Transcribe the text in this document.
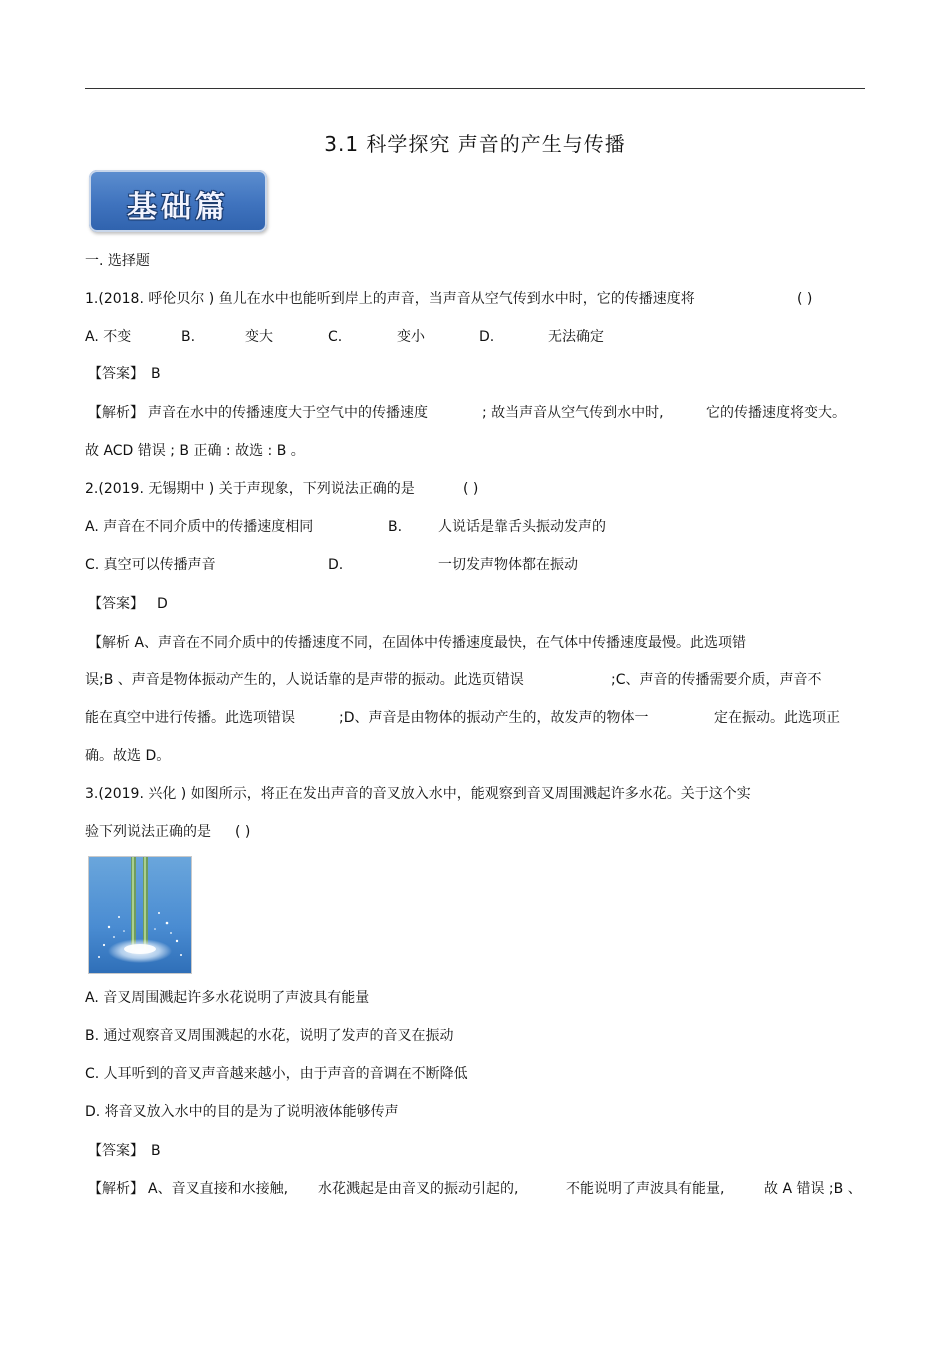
3.1 科学探究 声音的产生与传播
基础篇
一. 选择题
1.(2018. 呼伦贝尔 ) 鱼儿在水中也能听到岸上的声音，当声音从空气传到水中时，它的传播速度将	( )
A. 不变	B.	变大	C.	变小	D.	无法确定
【答案】 B
【解析】 声音在水中的传播速度大于空气中的传播速度	; 故当声音从空气传到水中时,	它的传播速度将变大。
故 ACD 错误 ; B 正确 : 故选 : B 。
2.(2019. 无锡期中 ) 关于声现象，下列说法正确的是	( )
A. 声音在不同介质中的传播速度相同	B.	人说话是靠舌头振动发声的
C. 真空可以传播声音	D.	一切发声物体都在振动
【答案】 D
【解析 A、声音在不同介质中的传播速度不同，在固体中传播速度最快，在气体中传播速度最慢。此选项错
误;B 、声音是物体振动产生的，人说话靠的是声带的振动。此选页错误	;C、声音的传播需要介质，声音不
能在真空中进行传播。此选项错误	;D、声音是由物体的振动产生的，故发声的物体一	定在振动。此选项正
确。故选 D。
3.(2019. 兴化 ) 如图所示，将正在发出声音的音叉放入水中，能观察到音叉周围溅起许多水花。关于这个实
验下列说法正确的是 ( )
A. 音叉周围溅起许多水花说明了声波具有能量
B. 通过观察音叉周围溅起的水花，说明了发声的音叉在振动
C. 人耳听到的音叉声音越来越小，由于声音的音调在不断降低
D. 将音叉放入水中的目的是为了说明液体能够传声
【答案】 B
【解析】 A、音叉直接和水接触, 水花溅起是由音叉的振动引起的,	不能说明了声波具有能量,	故 A 错误 ;B 、
